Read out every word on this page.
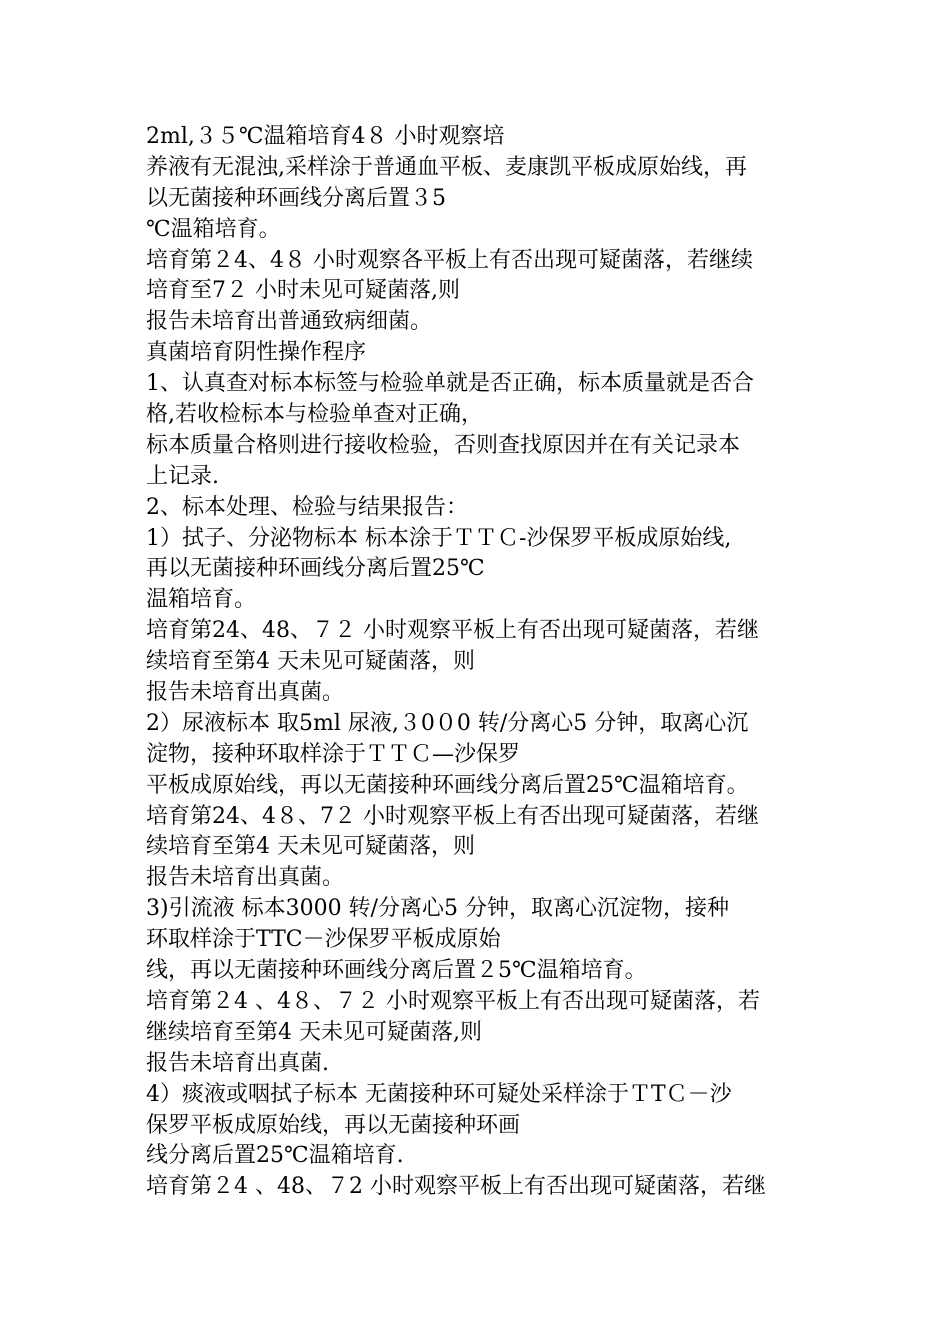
2ml,３５℃温箱培育4８ 小时观察培
养液有无混浊,采样涂于普通血平板、麦康凯平板成原始线，再
以无菌接种环画线分离后置３5
℃温箱培育。
培育第２4、4８ 小时观察各平板上有否出现可疑菌落，若继续
培育至7２ 小时未见可疑菌落,则
报告未培育出普通致病细菌。
真菌培育阴性操作程序
1、认真查对标本标签与检验单就是否正确，标本质量就是否合
格,若收检标本与检验单查对正确，
标本质量合格则进行接收检验，否则查找原因并在有关记录本
上记录.
2、标本处理、检验与结果报告：
1）拭子、分泌物标本 标本涂于ＴＴＣ-沙保罗平板成原始线,
再以无菌接种环画线分离后置25℃
温箱培育。
培育第24、48、７２ 小时观察平板上有否出现可疑菌落，若继
续培育至第4 天未见可疑菌落，则
报告未培育出真菌。
2）尿液标本 取5ml 尿液,３0０0 转/分离心5 分钟，取离心沉
淀物，接种环取样涂于ＴＴＣ—沙保罗
平板成原始线，再以无菌接种环画线分离后置25℃温箱培育。
培育第24、4８、7２ 小时观察平板上有否出现可疑菌落，若继
续培育至第4 天未见可疑菌落，则
报告未培育出真菌。
3)引流液 标本3000 转/分离心5 分钟，取离心沉淀物，接种
环取样涂于TTC－沙保罗平板成原始
线，再以无菌接种环画线分离后置２5℃温箱培育。
培育第２4 、4８、７２ 小时观察平板上有否出现可疑菌落，若
继续培育至第4 天未见可疑菌落,则
报告未培育出真菌.
4）痰液或咽拭子标本 无菌接种环可疑处采样涂于ＴTＣ－沙
保罗平板成原始线，再以无菌接种环画
线分离后置25℃温箱培育.
培育第２4 、48、７2 小时观察平板上有否出现可疑菌落，若继
